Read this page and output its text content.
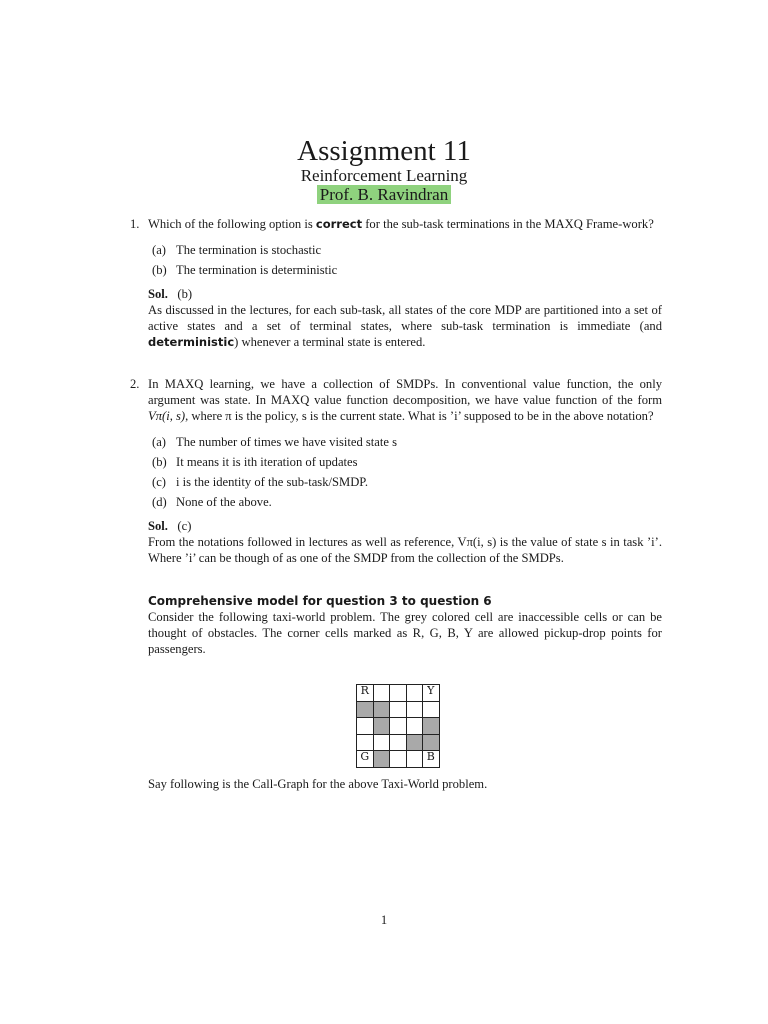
Assignment 11
Reinforcement Learning
Prof. B. Ravindran
1. Which of the following option is correct for the sub-task terminations in the MAXQ Frame-work?
(a) The termination is stochastic
(b) The termination is deterministic
Sol. (b)
As discussed in the lectures, for each sub-task, all states of the core MDP are partitioned into a set of active states and a set of terminal states, where sub-task termination is immediate (and deterministic) whenever a terminal state is entered.
2. In MAXQ learning, we have a collection of SMDPs. In conventional value function, the only argument was state. In MAXQ value function decomposition, we have value function of the form Vπ(i, s), where π is the policy, s is the current state. What is ’i’ supposed to be in the above notation?
(a) The number of times we have visited state s
(b) It means it is ith iteration of updates
(c) i is the identity of the sub-task/SMDP.
(d) None of the above.
Sol. (c)
From the notations followed in lectures as well as reference, Vπ(i, s) is the value of state s in task ’i’. Where ’i’ can be though of as one of the SMDP from the collection of the SMDPs.
Comprehensive model for question 3 to question 6
Consider the following taxi-world problem. The grey colored cell are inaccessible cells or can be thought of obstacles. The corner cells marked as R, G, B, Y are allowed pickup-drop points for passengers.
R				Y

G				B
Say following is the Call-Graph for the above Taxi-World problem.
1
